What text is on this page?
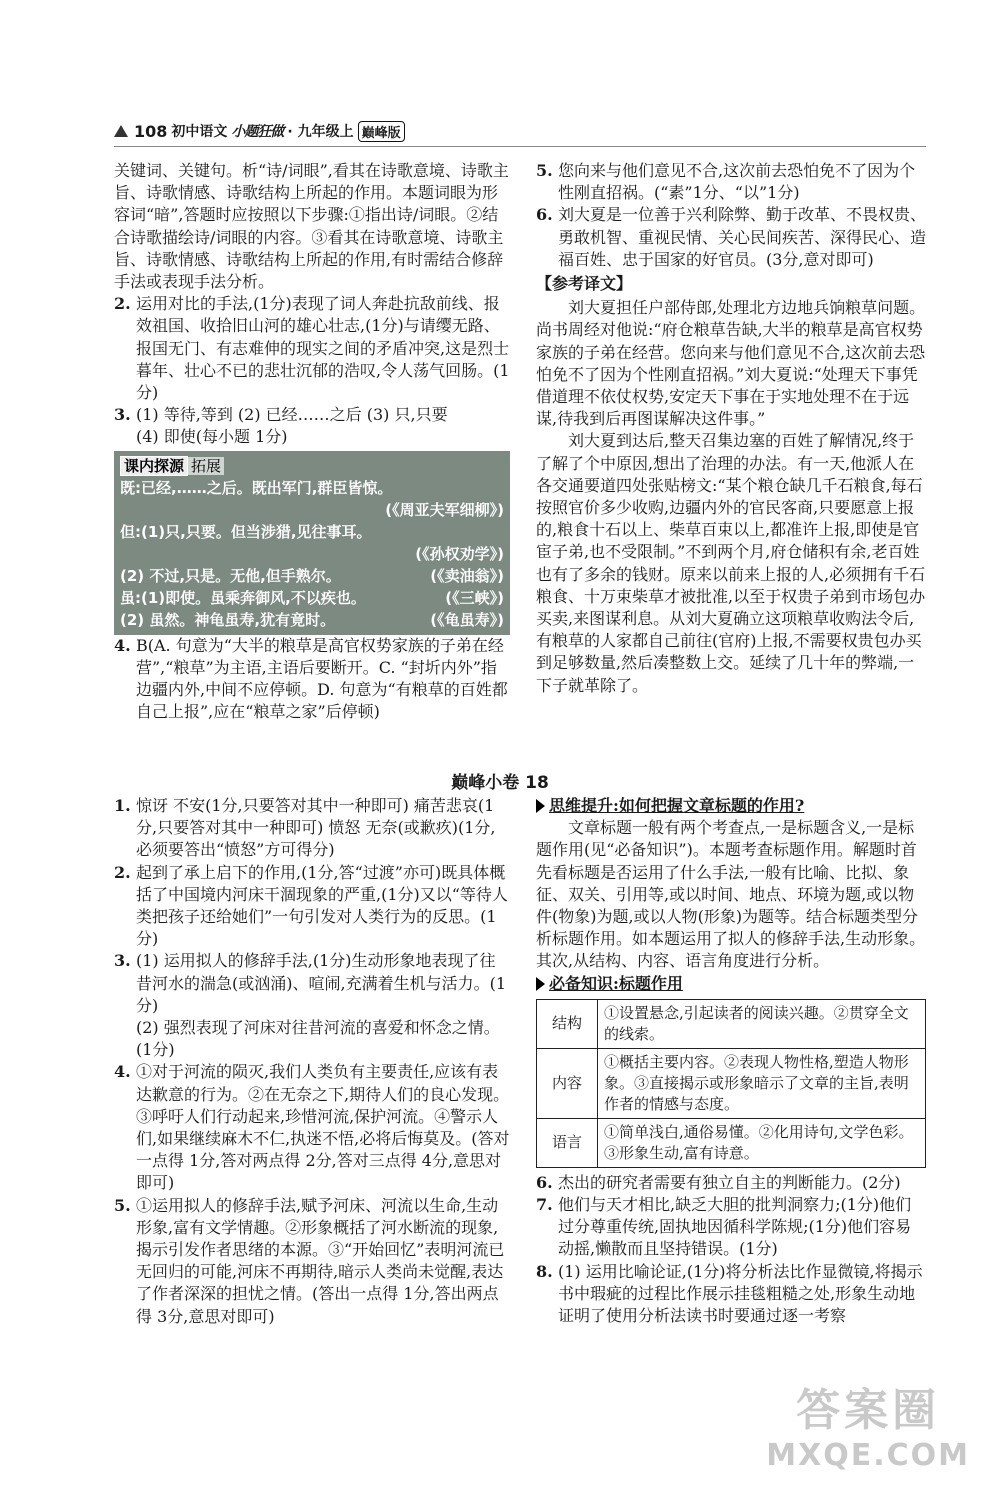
108 初中语文 小题狂做 · 九年级上 巅峰版

关键词、关键句。析“诗/词眼”,看其在诗歌意境、诗歌主旨、诗歌情感、诗歌结构上所起的作用。本题词眼为形容词“暗”,答题时应按照以下步骤:①指出诗/词眼。②结合诗歌描绘诗/词眼的内容。③看其在诗歌意境、诗歌主旨、诗歌情感、诗歌结构上所起的作用,有时需结合修辞手法或表现手法分析。

2. 运用对比的手法,(1分)表现了词人奔赴抗敌前线、报效祖国、收拾旧山河的雄心壮志,(1分)与请缨无路、报国无门、有志难伸的现实之间的矛盾冲突,这是烈士暮年、壮心不已的悲壮沉郁的浩叹,令人荡气回肠。(1分)
3. (1) 等待,等到 (2) 已经……之后 (3) 只,只要
(4) 即使(每小题 1分)
课内探源 拓展
既:已经,……之后。既出军门,群臣皆惊。
(《周亚夫军细柳》)
但:(1)只,只要。但当涉猎,见往事耳。
(《孙权劝学》)
(2) 不过,只是。无他,但手熟尔。	(《卖油翁》)
虽:(1)即使。虽乘奔御风,不以疾也。	(《三峡》)
(2) 虽然。神龟虽寿,犹有竟时。	(《龟虽寿》)
4. B(A. 句意为“大半的粮草是高官权势家族的子弟在经营”,“粮草”为主语,主语后要断开。C. “封圻内外”指边疆内外,中间不应停顿。D. 句意为“有粮草的百姓都自己上报”,应在“粮草之家”后停顿)
5. 您向来与他们意见不合,这次前去恐怕免不了因为个性刚直招祸。(“素”1分、“以”1分)
6. 刘大夏是一位善于兴利除弊、勤于改革、不畏权贵、勇敢机智、重视民情、关心民间疾苦、深得民心、造福百姓、忠于国家的好官员。(3分,意对即可)
【参考译文】

刘大夏担任户部侍郎,处理北方边地兵饷粮草问题。尚书周经对他说:“府仓粮草告缺,大半的粮草是高官权势家族的子弟在经营。您向来与他们意见不合,这次前去恐怕免不了因为个性刚直招祸。”刘大夏说:“处理天下事凭借道理不依仗权势,安定天下事在于实地处理不在于远谋,待我到后再图谋解决这件事。”

刘大夏到达后,整天召集边塞的百姓了解情况,终于了解了个中原因,想出了治理的办法。有一天,他派人在各交通要道四处张贴榜文:“某个粮仓缺几千石粮食,每石按照官价多少收购,边疆内外的官民客商,只要愿意上报的,粮食十石以上、柴草百束以上,都准许上报,即使是官宦子弟,也不受限制。”不到两个月,府仓储积有余,老百姓也有了多余的钱财。原来以前来上报的人,必须拥有千石粮食、十万束柴草才被批准,以至于权贵子弟到市场包办买卖,来图谋利息。从刘大夏确立这项粮草收购法令后,有粮草的人家都自己前往(官府)上报,不需要权贵包办买到足够数量,然后凑整数上交。延续了几十年的弊端,一下子就革除了。

巅峰小卷 18
1. 惊讶 不安(1分,只要答对其中一种即可) 痛苦悲哀(1分,只要答对其中一种即可) 愤怒 无奈(或歉疚)(1分,必须要答出“愤怒”方可得分)
2. 起到了承上启下的作用,(1分,答“过渡”亦可)既具体概括了中国境内河床干涸现象的严重,(1分)又以“等待人类把孩子还给她们”一句引发对人类行为的反思。(1分)
3. (1) 运用拟人的修辞手法,(1分)生动形象地表现了往昔河水的湍急(或汹涌)、喧闹,充满着生机与活力。(1分)
(2) 强烈表现了河床对往昔河流的喜爱和怀念之情。(1分)
4. ①对于河流的陨灭,我们人类负有主要责任,应该有表达歉意的行为。②在无奈之下,期待人们的良心发现。③呼吁人们行动起来,珍惜河流,保护河流。④警示人们,如果继续麻木不仁,执迷不悟,必将后悔莫及。(答对一点得 1分,答对两点得 2分,答对三点得 4分,意思对即可)
5. ①运用拟人的修辞手法,赋予河床、河流以生命,生动形象,富有文学情趣。②形象概括了河水断流的现象,揭示引发作者思绪的本源。③“开始回忆”表明河流已无回归的可能,河床不再期待,暗示人类尚未觉醒,表达了作者深深的担忧之情。(答出一点得 1分,答出两点得 3分,意思对即可)
思维提升:如何把握文章标题的作用?

文章标题一般有两个考查点,一是标题含义,一是标题作用(见“必备知识”)。本题考查标题作用。解题时首先看标题是否运用了什么手法,一般有比喻、比拟、象征、双关、引用等,或以时间、地点、环境为题,或以物件(物象)为题,或以人物(形象)为题等。结合标题类型分析标题作用。如本题运用了拟人的修辞手法,生动形象。其次,从结构、内容、语言角度进行分析。

必备知识:标题作用
结构	①设置悬念,引起读者的阅读兴趣。②贯穿全文的线索。
内容	①概括主要内容。②表现人物性格,塑造人物形象。③直接揭示或形象暗示了文章的主旨,表明作者的情感与态度。
语言	①简单浅白,通俗易懂。②化用诗句,文学色彩。③形象生动,富有诗意。
6. 杰出的研究者需要有独立自主的判断能力。(2分)
7. 他们与天才相比,缺乏大胆的批判洞察力;(1分)他们过分尊重传统,固执地因循科学陈规;(1分)他们容易动摇,懒散而且坚持错误。(1分)
8. (1) 运用比喻论证,(1分)将分析法比作显微镜,将揭示书中瑕疵的过程比作展示挂毯粗糙之处,形象生动地证明了使用分析法读书时要通过逐一考察
答案圈
MXQE.COM
